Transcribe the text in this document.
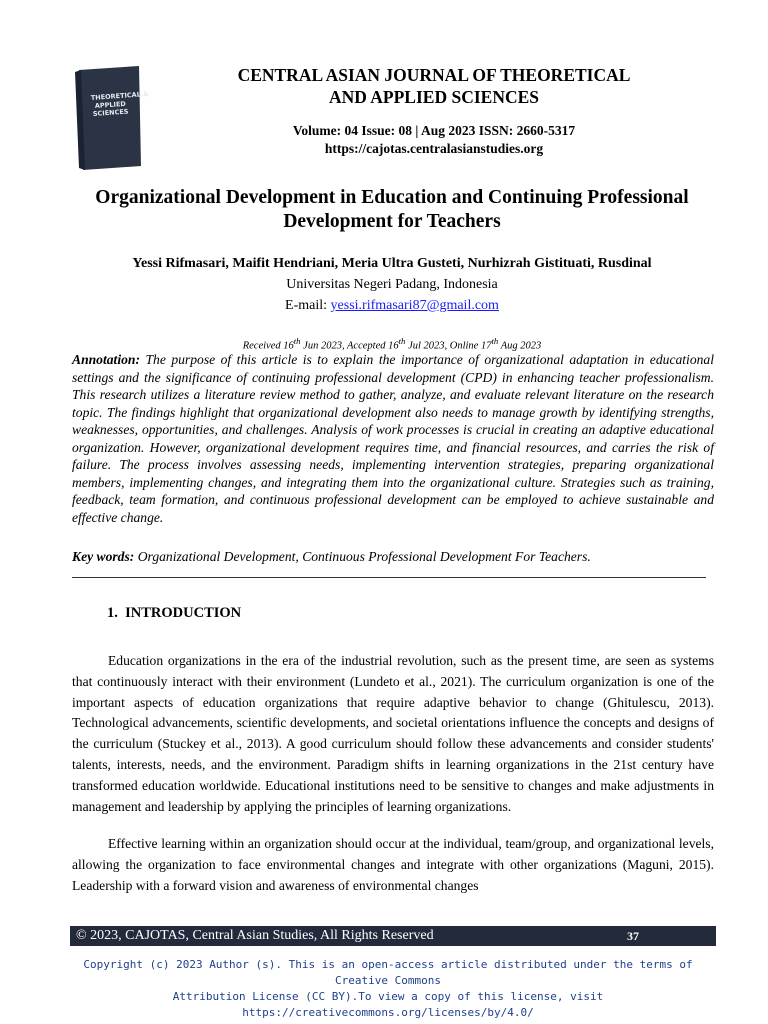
THEORETICAL &
APPLIED
SCIENCES
CENTRAL ASIAN JOURNAL OF THEORETICAL
AND APPLIED SCIENCES
Volume: 04 Issue: 08 | Aug 2023 ISSN: 2660-5317
https://cajotas.centralasianstudies.org
Organizational Development in Education and Continuing Professional
Development for Teachers
Yessi Rifmasari, Maifit Hendriani, Meria Ultra Gusteti, Nurhizrah Gistituati, Rusdinal
Universitas Negeri Padang, Indonesia
E-mail: yessi.rifmasari87@gmail.com
Received 16th Jun 2023, Accepted 16th Jul 2023, Online 17th Aug 2023
Annotation: The purpose of this article is to explain the importance of organizational adaptation in educational settings and the significance of continuing professional development (CPD) in enhancing teacher professionalism. This research utilizes a literature review method to gather, analyze, and evaluate relevant literature on the research topic. The findings highlight that organizational development also needs to manage growth by identifying strengths, weaknesses, opportunities, and challenges. Analysis of work processes is crucial in creating an adaptive educational organization. However, organizational development requires time, and financial resources, and carries the risk of failure. The process involves assessing needs, implementing intervention strategies, preparing organizational members, implementing changes, and integrating them into the organizational culture. Strategies such as training, feedback, team formation, and continuous professional development can be employed to achieve sustainable and effective change.
Key words: Organizational Development, Continuous Professional Development For Teachers.
1.  INTRODUCTION

Education organizations in the era of the industrial revolution, such as the present time, are seen as systems that continuously interact with their environment (Lundeto et al., 2021). The curriculum organization is one of the important aspects of education organizations that require adaptive behavior to change (Ghitulescu, 2013). Technological advancements, scientific developments, and societal orientations influence the concepts and designs of the curriculum (Stuckey et al., 2013). A good curriculum should follow these advancements and consider students' talents, interests, needs, and the environment. Paradigm shifts in learning organizations in the 21st century have transformed education worldwide. Educational institutions need to be sensitive to changes and make adjustments in management and leadership by applying the principles of learning organizations.

Effective learning within an organization should occur at the individual, team/group, and organizational levels, allowing the organization to face environmental changes and integrate with other organizations (Maguni, 2015). Leadership with a forward vision and awareness of environmental changes

© 2023, CAJOTAS, Central Asian Studies, All Rights Reserved	37
Copyright (c) 2023 Author (s). This is an open-access article distributed under the terms of Creative Commons
Attribution License (CC BY).To view a copy of this license, visit https://creativecommons.org/licenses/by/4.0/
